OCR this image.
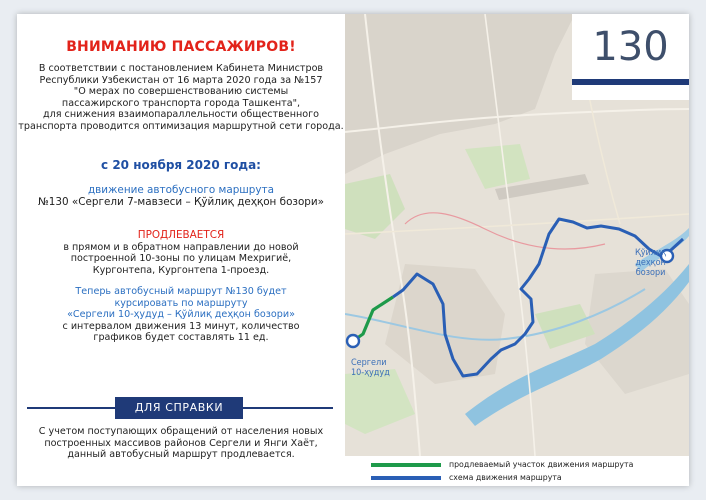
ВНИМАНИЮ ПАССАЖИРОВ!
В соответствии с постановлением Кабинета Министров
Республики Узбекистан от 16 марта 2020 года за №157
"О мерах по совершенствованию системы
пассажирского транспорта города Ташкента",
для снижения взаимопараллельности общественного
транспорта проводится оптимизация маршрутной сети города.
с 20 ноября 2020 года:
движение автобусного маршрута
№130 «Сергели 7-мавзеси – Қўйлиқ деҳқон бозори»
ПРОДЛЕВАЕТСЯ
в прямом и в обратном направлении до новой
построенной 10-зоны по улицам Мехригиё,
Кургонтепа, Кургонтепа 1-проезд.
Теперь автобусный маршрут №130 будет
курсировать по маршруту
«Сергели 10-ҳудуд – Қўйлиқ деҳқон бозори»
с интервалом движения 13 минут, количество
графиков будет составлять 11 ед.
ДЛЯ СПРАВКИ
С учетом поступающих обращений от населения новых
построенных массивов районов Сергели и Янги Хаёт,
данный автобусный маршрут продлевается.
Сергели
10-ҳудуд
Қўйлиқ
деҳқон
бозори
130
продлеваемый участок движения маршрута
схема движения маршрута
